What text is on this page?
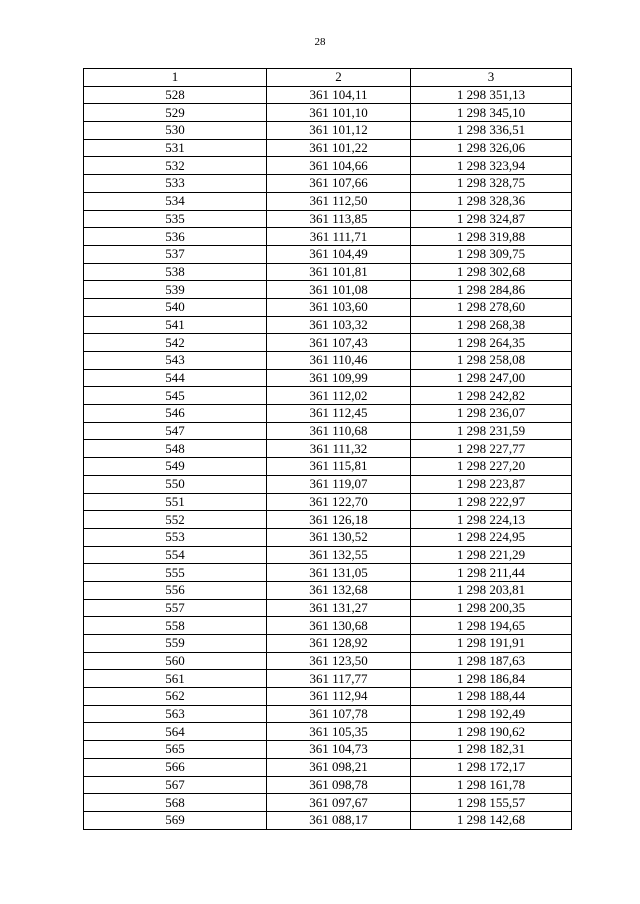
28
1	2	3
528	361 104,11	1 298 351,13
529	361 101,10	1 298 345,10
530	361 101,12	1 298 336,51
531	361 101,22	1 298 326,06
532	361 104,66	1 298 323,94
533	361 107,66	1 298 328,75
534	361 112,50	1 298 328,36
535	361 113,85	1 298 324,87
536	361 111,71	1 298 319,88
537	361 104,49	1 298 309,75
538	361 101,81	1 298 302,68
539	361 101,08	1 298 284,86
540	361 103,60	1 298 278,60
541	361 103,32	1 298 268,38
542	361 107,43	1 298 264,35
543	361 110,46	1 298 258,08
544	361 109,99	1 298 247,00
545	361 112,02	1 298 242,82
546	361 112,45	1 298 236,07
547	361 110,68	1 298 231,59
548	361 111,32	1 298 227,77
549	361 115,81	1 298 227,20
550	361 119,07	1 298 223,87
551	361 122,70	1 298 222,97
552	361 126,18	1 298 224,13
553	361 130,52	1 298 224,95
554	361 132,55	1 298 221,29
555	361 131,05	1 298 211,44
556	361 132,68	1 298 203,81
557	361 131,27	1 298 200,35
558	361 130,68	1 298 194,65
559	361 128,92	1 298 191,91
560	361 123,50	1 298 187,63
561	361 117,77	1 298 186,84
562	361 112,94	1 298 188,44
563	361 107,78	1 298 192,49
564	361 105,35	1 298 190,62
565	361 104,73	1 298 182,31
566	361 098,21	1 298 172,17
567	361 098,78	1 298 161,78
568	361 097,67	1 298 155,57
569	361 088,17	1 298 142,68
